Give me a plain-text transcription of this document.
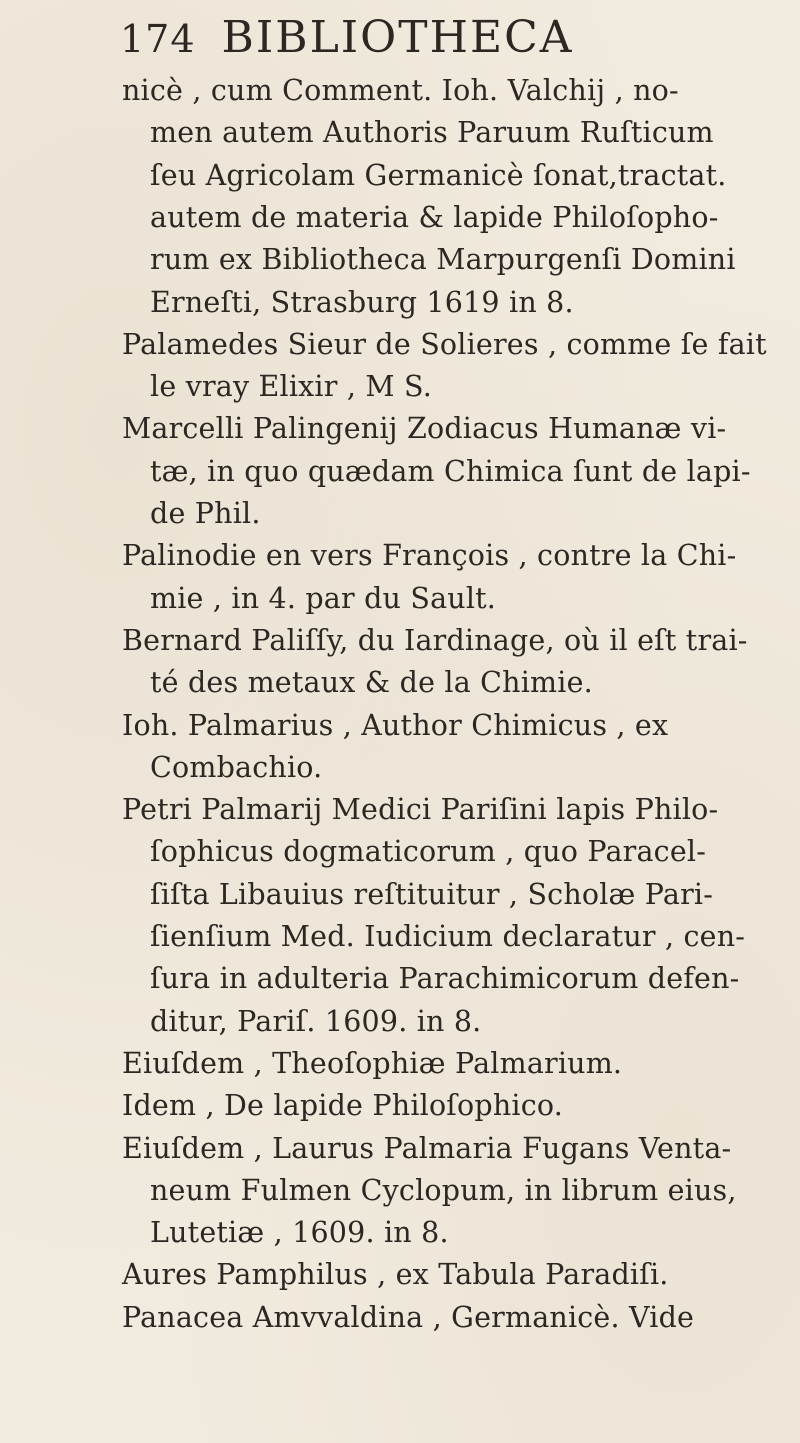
174 BIBLIOTHECA
nicè , cum Comment. Ioh. Valchij , no-
men autem Authoris Paruum Ruſticum
ſeu Agricolam Germanicè ſonat,tractat.
autem de materia & lapide Philoſopho-
rum ex Bibliotheca Marpurgenſi Domini
Erneſti, Strasburg 1619 in 8.
Palamedes Sieur de Solieres , comme ſe fait
le vray Elixir , M S.
Marcelli Palingenij Zodiacus Humanæ vi-
tæ, in quo quædam Chimica ſunt de lapi-
de Phil.
Palinodie en vers François , contre la Chi-
mie , in 4. par du Sault.
Bernard Paliſſy, du Iardinage, où il eſt trai-
té des metaux & de la Chimie.
Ioh. Palmarius , Author Chimicus , ex
Combachio.
Petri Palmarij Medici Pariſini lapis Philo-
ſophicus dogmaticorum , quo Paracel-
ſiſta Libauius reſtituitur , Scholæ Pari-
ſienſium Med. Iudicium declaratur , cen-
ſura in adulteria Parachimicorum defen-
ditur, Pariſ. 1609. in 8.
Eiuſdem , Theoſophiæ Palmarium.
Idem , De lapide Philoſophico.
Eiuſdem , Laurus Palmaria Fugans Venta-
neum Fulmen Cyclopum, in librum eius,
Lutetiæ , 1609. in 8.
Aures Pamphilus , ex Tabula Paradiſi.
Panacea Amvvaldina , Germanicè. Vide
